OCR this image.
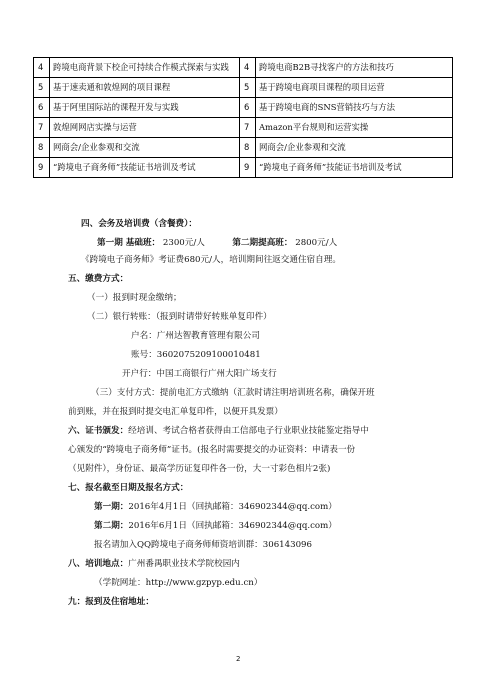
4	跨境电商背景下校企可持续合作模式探索与实践	4	跨境电商B2B寻找客户的方法和技巧
5	基于速卖通和敦煌网的项目课程	5	基于跨境电商项目课程的项目运营
6	基于阿里国际站的课程开发与实践	6	基于跨境电商的SNS营销技巧与方法
7	敦煌网网店实操与运营	7	Amazon平台规则和运营实操
8	网商会/企业参观和交流	8	网商会/企业参观和交流
9	“跨境电子商务师”技能证书培训及考试	9	“跨境电子商务师”技能证书培训及考试
四、会务及培训费（含餐费）：
第一期 基础班： 2300元/人	第二期提高班： 2800元/人
《跨境电子商务师》考证费680元/人，培训期间往返交通住宿自理。
五、缴费方式：
（一）报到时现金缴纳；
（二）银行转账：（报到时请带好转账单复印件）
户名：广州达智教育管理有限公司
账号：3602075209100010481
开户行：中国工商银行广州大阳广场支行
（三）支付方式：提前电汇方式缴纳（汇款时请注明培训班名称，确保开班
前到账，并在报到时提交电汇单复印件，以便开具发票）
六、证书颁发：经培训、考试合格者获得由工信部电子行业职业技能鉴定指导中
心颁发的“跨境电子商务师”证书。(报名时需要提交的办证资料：申请表一份
（见附件），身份证、最高学历证复印件各一份，大一寸彩色相片2张)
七、报名截至日期及报名方式：
第一期：2016年4月1日（回执邮箱：346902344@qq.com）
第二期：2016年6月1日（回执邮箱：346902344@qq.com）
报名请加入QQ跨境电子商务师师资培训群：306143096
八、培训地点：广州番禺职业技术学院校园内
（学院网址：http://www.gzpyp.edu.cn）
九：报到及住宿地址：
2
